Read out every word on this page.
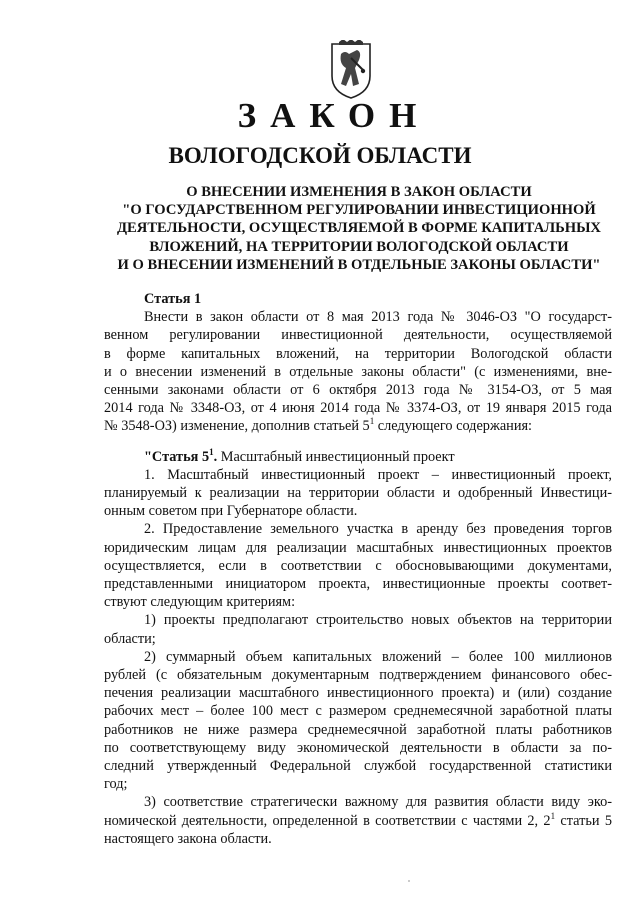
ЗАКОН
ВОЛОГОДСКОЙ ОБЛАСТИ
О ВНЕСЕНИИ ИЗМЕНЕНИЯ В ЗАКОН ОБЛАСТИ
"О ГОСУДАРСТВЕННОМ РЕГУЛИРОВАНИИ ИНВЕСТИЦИОННОЙ
ДЕЯТЕЛЬНОСТИ, ОСУЩЕСТВЛЯЕМОЙ В ФОРМЕ КАПИТАЛЬНЫХ
ВЛОЖЕНИЙ, НА ТЕРРИТОРИИ ВОЛОГОДСКОЙ ОБЛАСТИ
И О ВНЕСЕНИИ ИЗМЕНЕНИЙ В ОТДЕЛЬНЫЕ ЗАКОНЫ ОБЛАСТИ"
Статья 1
Внести в закон области от 8 мая 2013 года № 3046-ОЗ "О государст-
венном регулировании инвестиционной деятельности, осуществляемой
в форме капитальных вложений, на территории Вологодской области
и о внесении изменений в отдельные законы области" (с изменениями, вне-
сенными законами области от 6 октября 2013 года № 3154-ОЗ, от 5 мая
2014 года № 3348-ОЗ, от 4 июня 2014 года № 3374-ОЗ, от 19 января 2015 года
№ 3548-ОЗ) изменение, дополнив статьей $5^1$ следующего содержания:
"Статья $5^1$. Масштабный инвестиционный проект
1. Масштабный инвестиционный проект – инвестиционный проект,
планируемый к реализации на территории области и одобренный Инвестици-
онным советом при Губернаторе области.
2. Предоставление земельного участка в аренду без проведения торгов
юридическим лицам для реализации масштабных инвестиционных проектов
осуществляется, если в соответствии с обосновывающими документами,
представленными инициатором проекта, инвестиционные проекты соответ-
ствуют следующим критериям:
1) проекты предполагают строительство новых объектов на территории
области;
2) суммарный объем капитальных вложений – более 100 миллионов
рублей (с обязательным документарным подтверждением финансового обес-
печения реализации масштабного инвестиционного проекта) и (или) создание
рабочих мест – более 100 мест с размером среднемесячной заработной платы
работников не ниже размера среднемесячной заработной платы работников
по соответствующему виду экономической деятельности в области за по-
следний утвержденный Федеральной службой государственной статистики
год;
3) соответствие стратегически важному для развития области виду эко-
номической деятельности, определенной в соответствии с частями 2, $2^1$ статьи 5
настоящего закона области.
